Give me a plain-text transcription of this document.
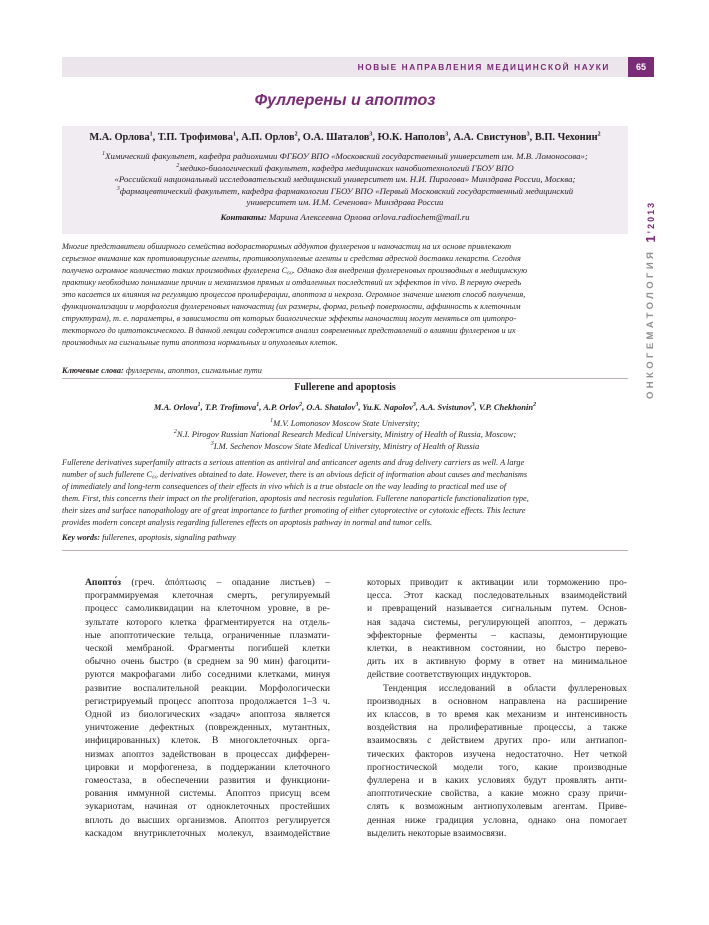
НОВЫЕ НАПРАВЛЕНИЯ МЕДИЦИНСКОЙ НАУКИ	65
ОНКОГЕМАТОЛОГИЯ 1’2013
Фуллерены и апоптоз
М.А. Орлова$^1$, Т.П. Трофимова$^1$, А.П. Орлов$^2$, О.А. Шаталов$^3$, Ю.К. Наполов$^3$, А.А. Свистунов$^3$, В.П. Чехонин$^2$
$^1$Химический факультет, кафедра радиохимии ФГБОУ ВПО «Московский государственный университет им. М.В. Ломоносова»;
$^2$медико-биологический факультет, кафедра медицинских нанобиотехнологий ГБОУ ВПО
«Российский национальный исследовательский медицинский университет им. Н.И. Пирогова» Минздрава России, Москва;
$^3$фармацевтический факультет, кафедра фармакологии ГБОУ ВПО «Первый Московский государственный медицинский
университет им. И.М. Сеченова» Минздрава России
Контакты: Марина Алексеевна Орлова orlova.radiochem@mail.ru
Многие представители обширного семейства водорастворимых аддуктов фуллеренов и наночастиц на их основе привлекают
серьезное внимание как противовирусные агенты, противоопухолевые агенты и средства адресной доставки лекарств. Сегодня
получено огромное количество таких производных фуллерена С₆₀. Однако для внедрения фуллереновых производных в медицинскую
практику необходимо понимание причин и механизмов прямых и отдаленных последствий их эффектов in vivo. В первую очередь
это касается их влияния на регуляцию процессов пролиферации, апоптоза и некроза. Огромное значение имеют способ получения,
функционализации и морфология фуллереновых наночастиц (их размеры, форма, рельеф поверхности, аффинность к клеточным
структурам), т. е. параметры, в зависимости от которых биологические эффекты наночастиц могут меняться от цитопро-
текторного до цитотоксического. В данной лекции содержится анализ современных представлений о влиянии фуллеренов и их
производных на сигнальные пути апоптоза нормальных и опухолевых клеток.
Ключевые слова: фуллерены, апоптоз, сигнальные пути
Fullerene and apoptosis
M.A. Orlova$^1$, T.P. Trofimova$^1$, A.P. Orlov$^2$, O.A. Shatalov$^3$, Yu.K. Napolov$^3$, A.A. Svistunov$^3$, V.P. Chekhonin$^2$
$^1$M.V. Lomonosov Moscow State University;
$^2$N.I. Pirogov Russian National Research Medical University, Ministry of Health of Russia, Moscow;
$^3$I.M. Sechenov Moscow State Medical University, Ministry of Health of Russia
Fullerene derivatives superfamily attracts a serious attention as antiviral and anticancer agents and drug delivery carriers as well. A large
number of such fullerene C₆₀ derivatives obtained to date. However, there is an obvious deficit of information about causes and mechanisms
of immediately and long-term consequences of their effects in vivo which is a true obstacle on the way leading to practical med use of
them. First, this concerns their impact on the proliferation, apoptosis and necrosis regulation. Fullerene nanoparticle functionalization type,
their sizes and surface nanopathology are of great importance to further promoting of either cytoprotective or cytotoxic effects. This lecture
provides modern concept analysis regarding fullerenes effects on apoptosis pathway in normal and tumor cells.
Key words: fullerenes, apoptosis, signaling pathway
Апопто́з (греч. ἀπόπτωσις – опадание листьев) –
программируемая клеточная смерть, регулируемый
процесс самоликвидации на клеточном уровне, в ре-
зультате которого клетка фрагментируется на отдель-
ные апоптотические тельца, ограниченные плазмати-
ческой мембраной. Фрагменты погибшей клетки
обычно очень быстро (в среднем за 90 мин) фагоцити-
руются макрофагами либо соседними клетками, минуя
развитие воспалительной реакции. Морфологически
регистрируемый процесс апоптоза продолжается 1–3 ч.
Одной из биологических «задач» апоптоза является
уничтожение дефектных (поврежденных, мутантных,
инфицированных) клеток. В многоклеточных орга-
низмах апоптоз задействован в процессах дифферен-
цировки и морфогенеза, в поддержании клеточного
гомеостаза, в обеспечении развития и функциони-
рования иммунной системы. Апоптоз присущ всем
эукариотам, начиная от одноклеточных простейших
вплоть до высших организмов. Апоптоз регулируется
каскадом внутриклеточных молекул, взаимодействие
которых приводит к активации или торможению про-
цесса. Этот каскад последовательных взаимодействий
и превращений называется сигнальным путем. Основ-
ная задача системы, регулирующей апоптоз, – держать
эффекторные ферменты – каспазы, демонтирующие
клетки, в неактивном состоянии, но быстро перево-
дить их в активную форму в ответ на минимальное
действие соответствующих индукторов.
Тенденция исследований в области фуллереновых
производных в основном направлена на расширение
их классов, в то время как механизм и интенсивность
воздействия на пролиферативные процессы, а также
взаимосвязь с действием других про- или антиапоп-
тических факторов изучена недостаточно. Нет четкой
прогностической модели того, какие производные
фуллерена и в каких условиях будут проявлять анти-
апоптотические свойства, а какие можно сразу причи-
слять к возможным антиопухолевым агентам. Приве-
денная ниже градиция условна, однако она помогает
выделить некоторые взаимосвязи.
